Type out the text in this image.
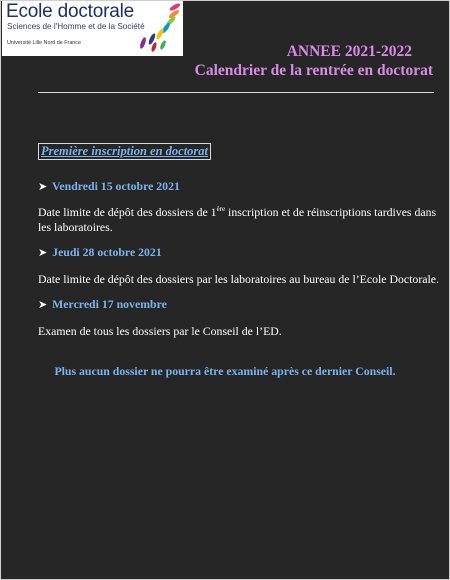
Ecole doctorale
Sciences de l'Homme et de la Société
Université Lille Nord de France	ANNEE 2021-2022
Calendrier de la rentrée en doctorat
Première inscription en doctorat
➤ Vendredi 15 octobre 2021
Date limite de dépôt des dossiers de 1ère inscription et de réinscriptions tardives dans les laboratoires.
➤ Jeudi 28 octobre 2021
Date limite de dépôt des dossiers par les laboratoires au bureau de l’Ecole Doctorale.
➤ Mercredi 17 novembre
Examen de tous les dossiers par le Conseil de l’ED.
Plus aucun dossier ne pourra être examiné après ce dernier Conseil.
